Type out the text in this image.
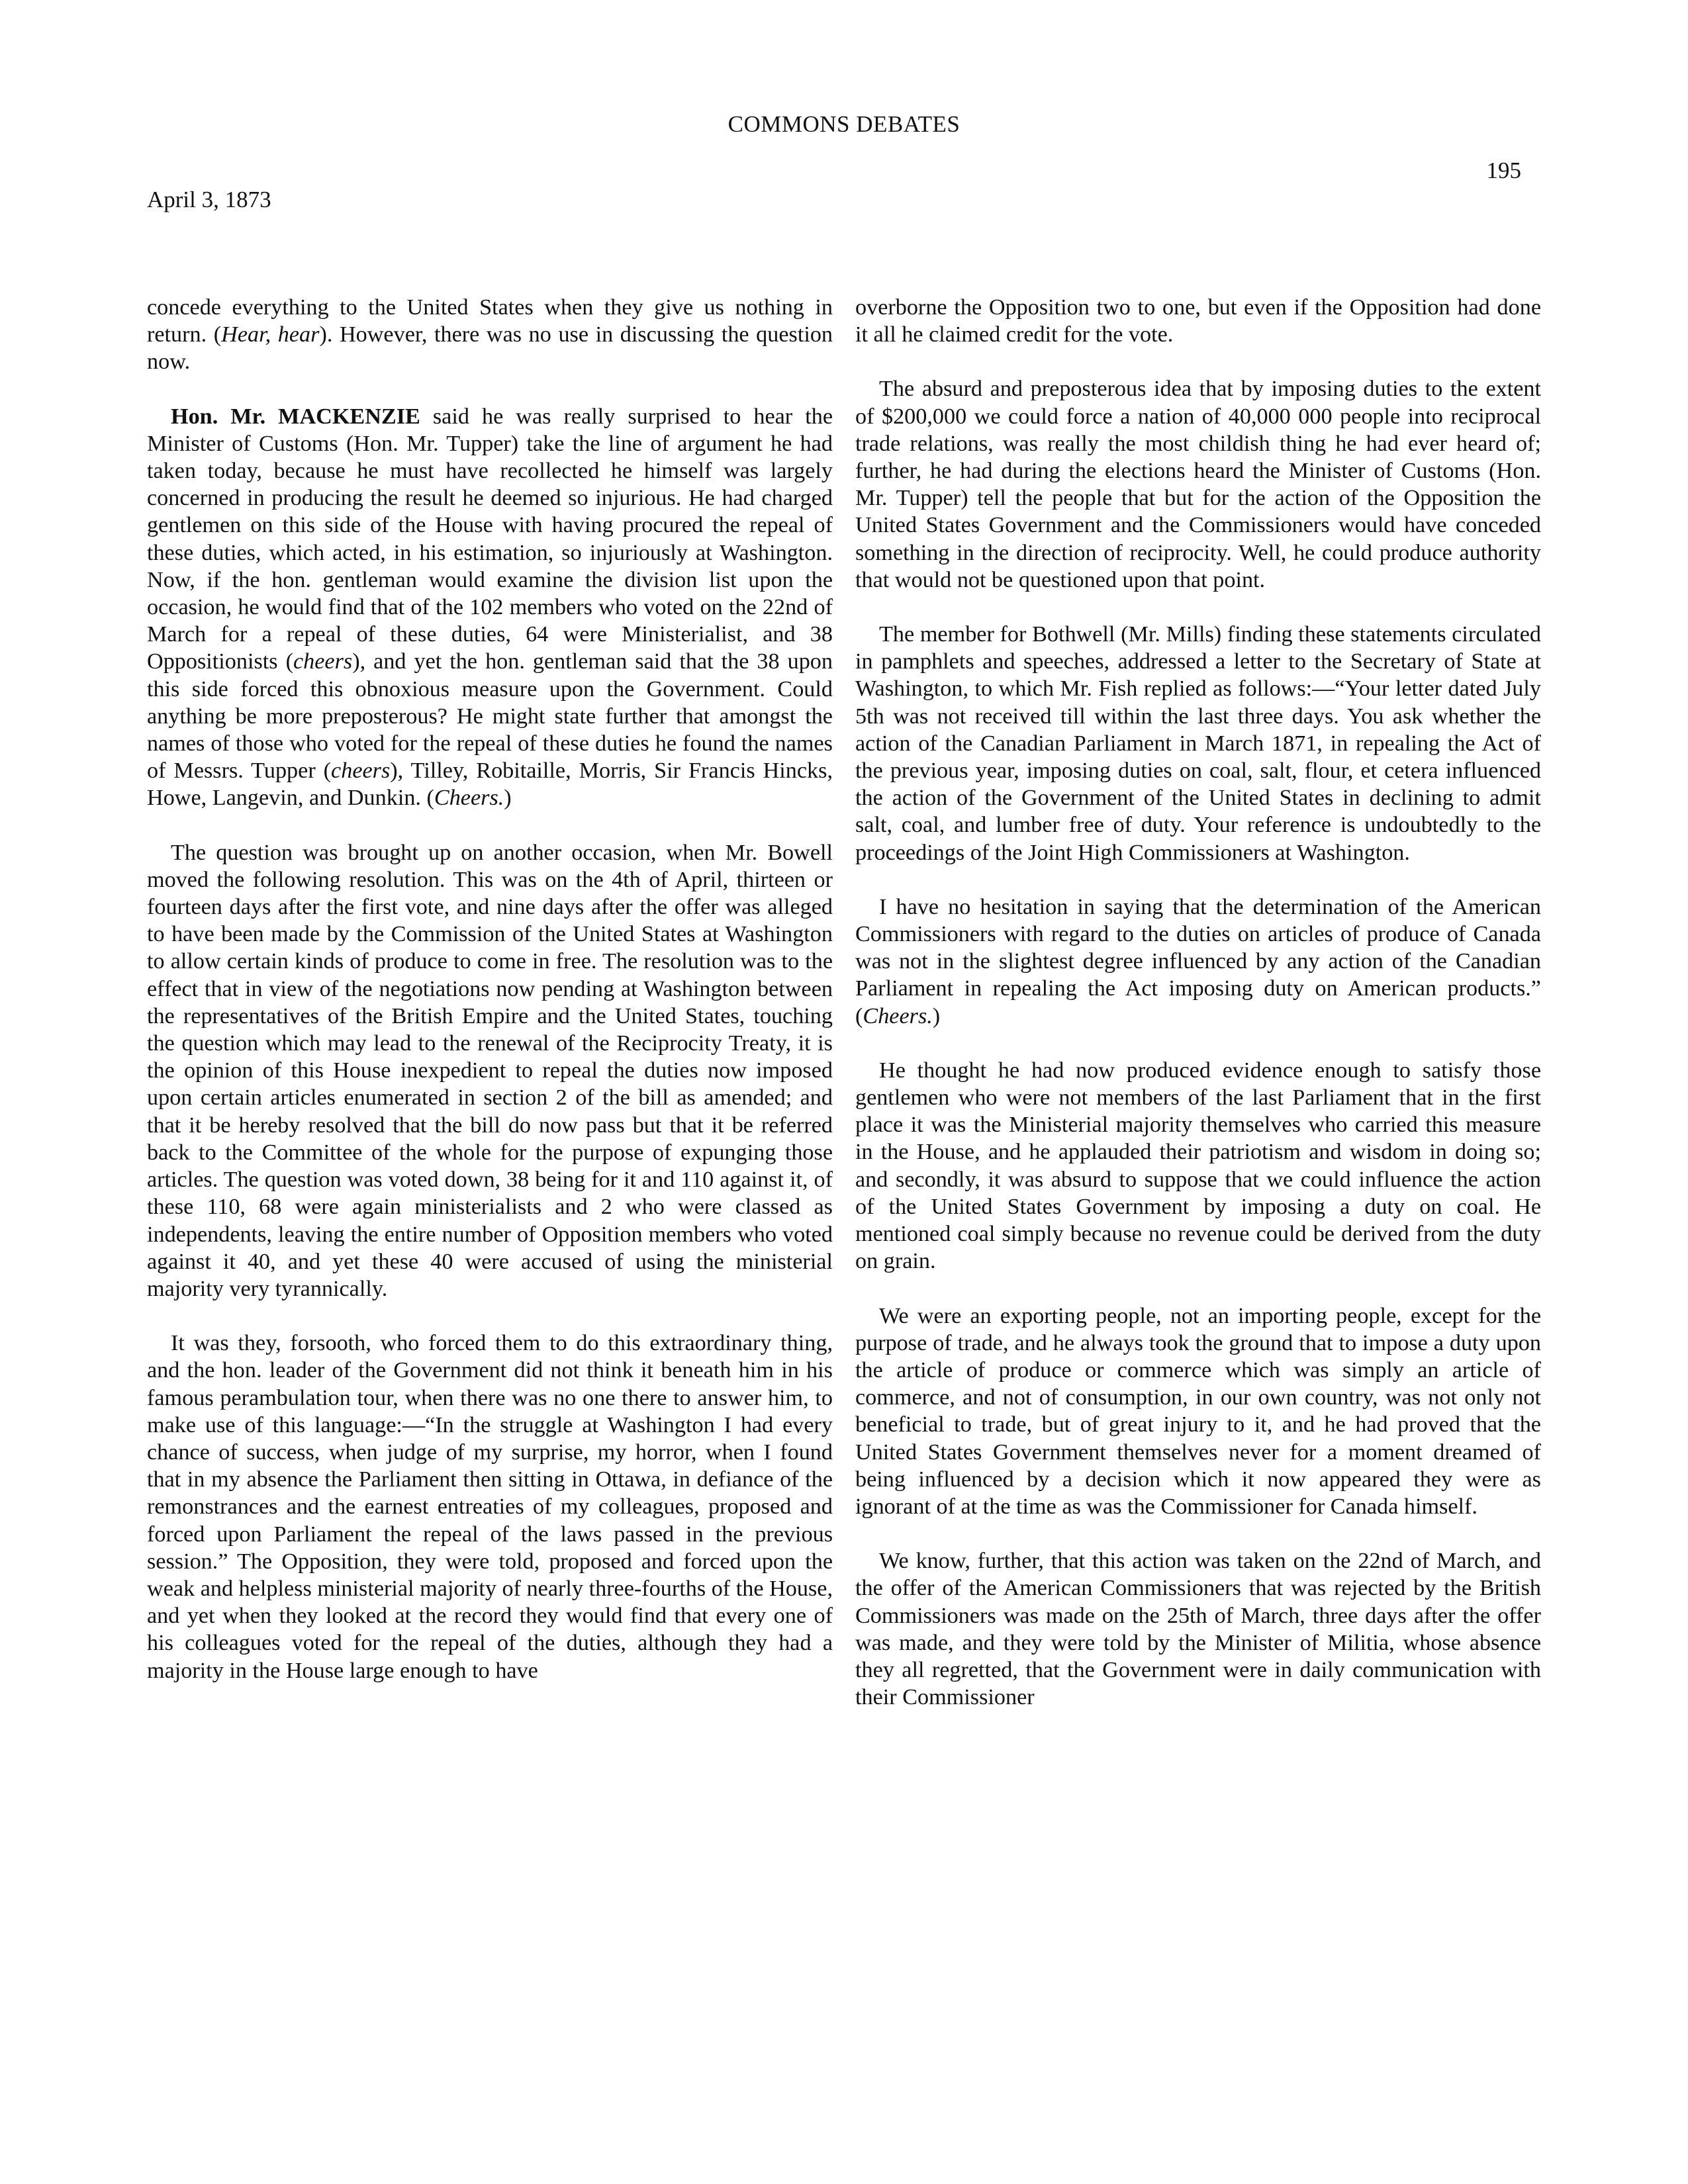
COMMONS DEBATES
195
April 3, 1873

concede everything to the United States when they give us nothing in return. (Hear, hear). However, there was no use in discussing the question now.

Hon. Mr. MACKENZIE said he was really surprised to hear the Minister of Customs (Hon. Mr. Tupper) take the line of argument he had taken today, because he must have recollected he himself was largely concerned in producing the result he deemed so injurious. He had charged gentlemen on this side of the House with having procured the repeal of these duties, which acted, in his estimation, so injuriously at Washington. Now, if the hon. gentleman would examine the division list upon the occasion, he would find that of the 102 members who voted on the 22nd of March for a repeal of these duties, 64 were Ministerialist, and 38 Oppositionists (cheers), and yet the hon. gentleman said that the 38 upon this side forced this obnoxious measure upon the Government. Could anything be more preposterous? He might state further that amongst the names of those who voted for the repeal of these duties he found the names of Messrs. Tupper (cheers), Tilley, Robitaille, Morris, Sir Francis Hincks, Howe, Langevin, and Dunkin. (Cheers.)

The question was brought up on another occasion, when Mr. Bowell moved the following resolution. This was on the 4th of April, thirteen or fourteen days after the first vote, and nine days after the offer was alleged to have been made by the Commission of the United States at Washington to allow certain kinds of produce to come in free. The resolution was to the effect that in view of the negotiations now pending at Washington between the representatives of the British Empire and the United States, touching the question which may lead to the renewal of the Reciprocity Treaty, it is the opinion of this House inexpedient to repeal the duties now imposed upon certain articles enumerated in section 2 of the bill as amended; and that it be hereby resolved that the bill do now pass but that it be referred back to the Committee of the whole for the purpose of expunging those articles. The question was voted down, 38 being for it and 110 against it, of these 110, 68 were again ministerialists and 2 who were classed as independents, leaving the entire number of Opposition members who voted against it 40, and yet these 40 were accused of using the ministerial majority very tyrannically.

It was they, forsooth, who forced them to do this extraordinary thing, and the hon. leader of the Government did not think it beneath him in his famous perambulation tour, when there was no one there to answer him, to make use of this language:—“In the struggle at Washington I had every chance of success, when judge of my surprise, my horror, when I found that in my absence the Parliament then sitting in Ottawa, in defiance of the remonstrances and the earnest entreaties of my colleagues, proposed and forced upon Parliament the repeal of the laws passed in the previous session.” The Opposition, they were told, proposed and forced upon the weak and helpless ministerial majority of nearly three-fourths of the House, and yet when they looked at the record they would find that every one of his colleagues voted for the repeal of the duties, although they had a majority in the House large enough to have

overborne the Opposition two to one, but even if the Opposition had done it all he claimed credit for the vote.

The absurd and preposterous idea that by imposing duties to the extent of $200,000 we could force a nation of 40,000 000 people into reciprocal trade relations, was really the most childish thing he had ever heard of; further, he had during the elections heard the Minister of Customs (Hon. Mr. Tupper) tell the people that but for the action of the Opposition the United States Government and the Commissioners would have conceded something in the direction of reciprocity. Well, he could produce authority that would not be questioned upon that point.

The member for Bothwell (Mr. Mills) finding these statements circulated in pamphlets and speeches, addressed a letter to the Secretary of State at Washington, to which Mr. Fish replied as follows:—“Your letter dated July 5th was not received till within the last three days. You ask whether the action of the Canadian Parliament in March 1871, in repealing the Act of the previous year, imposing duties on coal, salt, flour, et cetera influenced the action of the Government of the United States in declining to admit salt, coal, and lumber free of duty. Your reference is undoubtedly to the proceedings of the Joint High Commissioners at Washington.

I have no hesitation in saying that the determination of the American Commissioners with regard to the duties on articles of produce of Canada was not in the slightest degree influenced by any action of the Canadian Parliament in repealing the Act imposing duty on American products.” (Cheers.)

He thought he had now produced evidence enough to satisfy those gentlemen who were not members of the last Parliament that in the first place it was the Ministerial majority themselves who carried this measure in the House, and he applauded their patriotism and wisdom in doing so; and secondly, it was absurd to suppose that we could influence the action of the United States Government by imposing a duty on coal. He mentioned coal simply because no revenue could be derived from the duty on grain.

We were an exporting people, not an importing people, except for the purpose of trade, and he always took the ground that to impose a duty upon the article of produce or commerce which was simply an article of commerce, and not of consumption, in our own country, was not only not beneficial to trade, but of great injury to it, and he had proved that the United States Government themselves never for a moment dreamed of being influenced by a decision which it now appeared they were as ignorant of at the time as was the Commissioner for Canada himself.

We know, further, that this action was taken on the 22nd of March, and the offer of the American Commissioners that was rejected by the British Commissioners was made on the 25th of March, three days after the offer was made, and they were told by the Minister of Militia, whose absence they all regretted, that the Government were in daily communication with their Commissioner
